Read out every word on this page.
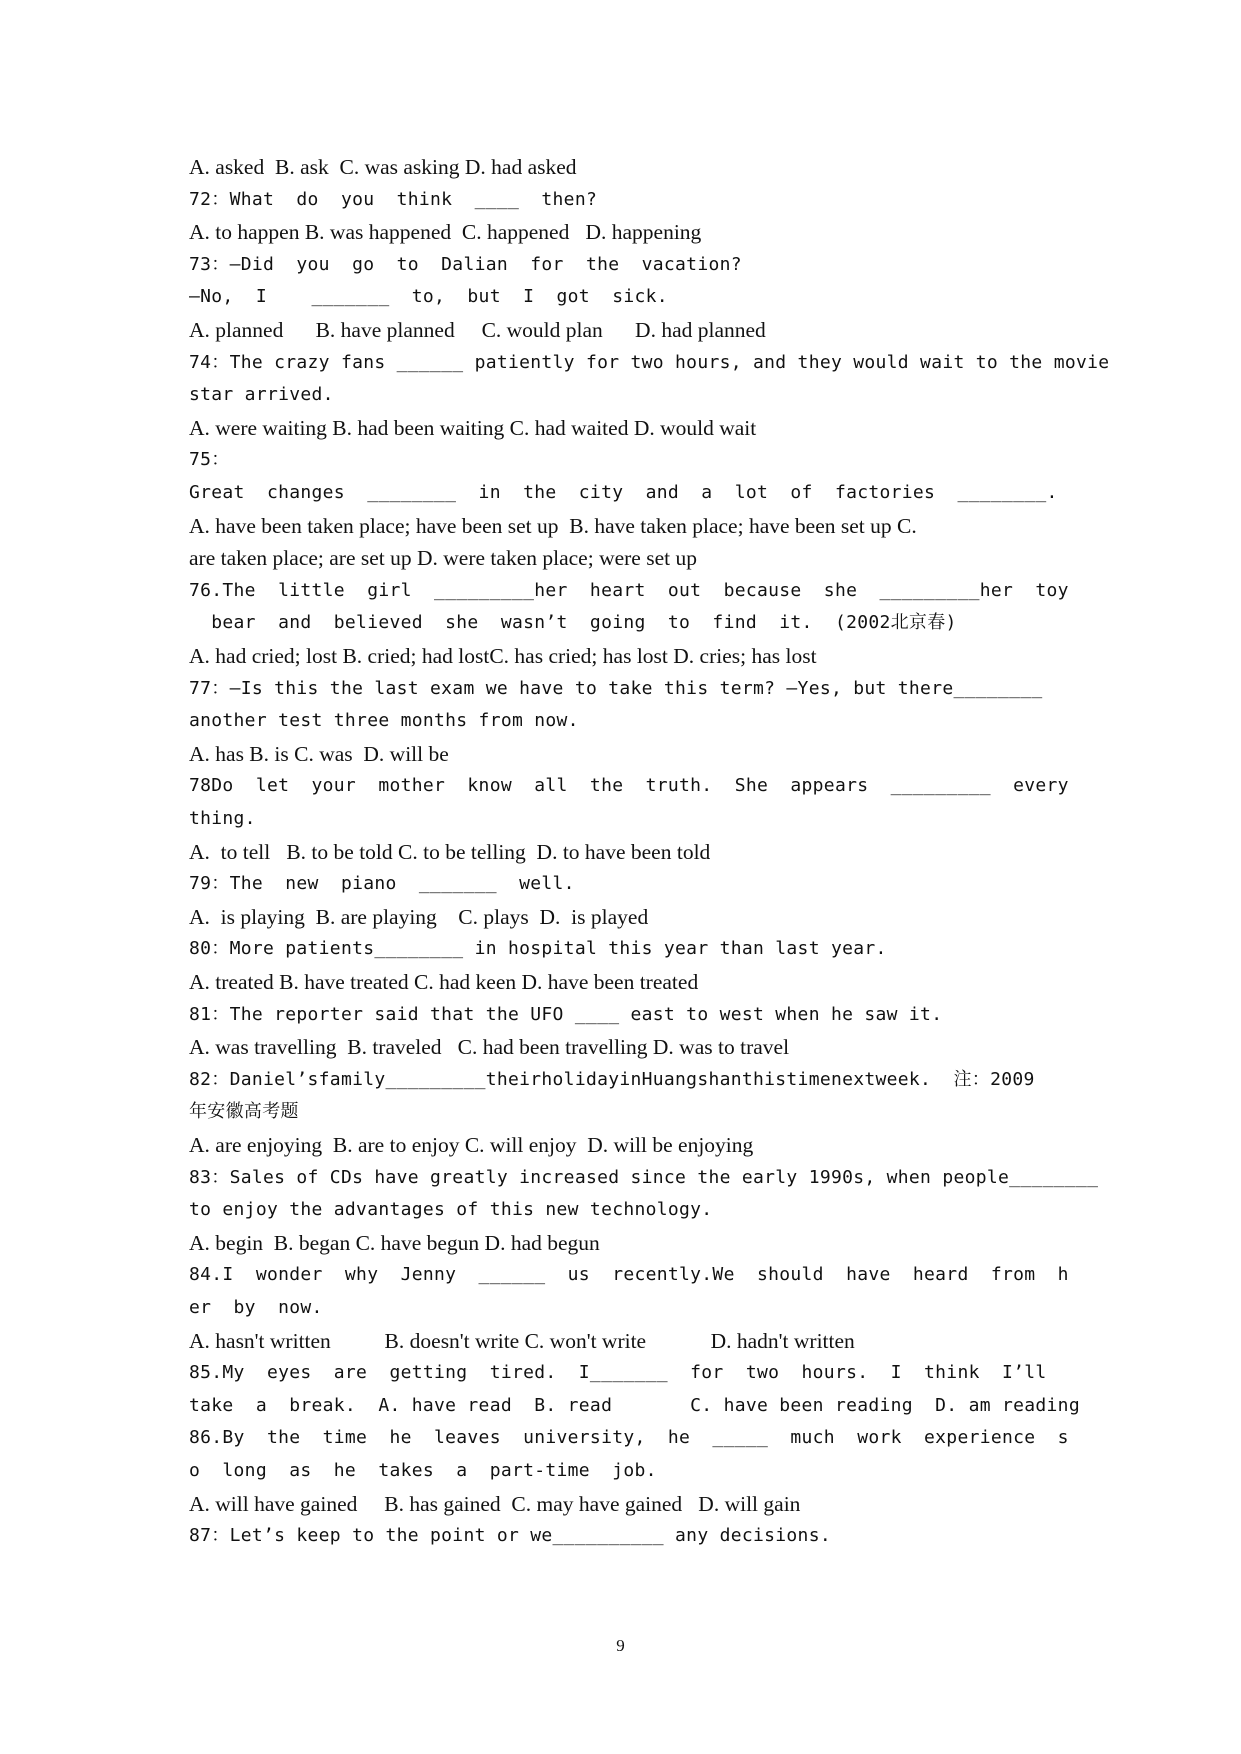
A. asked  B. ask  C. was asking D. had asked
72：What  do  you  think  ____  then?
A. to happen B. was happened  C. happened   D. happening
73：—Did  you  go  to  Dalian  for  the  vacation?
—No,  I    _______  to,  but  I  got  sick.
A. planned      B. have planned     C. would plan      D. had planned
74：The crazy fans ______ patiently for two hours, and they would wait to the movie
star arrived.
A. were waiting B. had been waiting C. had waited D. would wait
75：
Great  changes  ________  in  the  city  and  a  lot  of  factories  ________.
A. have been taken place; have been set up  B. have taken place; have been set up C.
are taken place; are set up D. were taken place; were set up
76.The  little  girl  _________her  heart  out  because  she  _________her  toy
bear  and  believed  she  wasn’t  going  to  find  it.  (2002北京春)
A. had cried; lost B. cried; had lostC. has cried; has lost D. cries; has lost
77：—Is this the last exam we have to take this term? —Yes, but there________
another test three months from now.
A. has B. is C. was  D. will be
78Do  let  your  mother  know  all  the  truth.  She  appears  _________  every
thing.
A.  to tell   B. to be told C. to be telling  D. to have been told
79：The  new  piano  _______  well.
A.  is playing  B. are playing    C. plays  D.  is played
80：More patients________ in hospital this year than last year.
A. treated B. have treated C. had keen D. have been treated
81：The reporter said that the UFO ____ east to west when he saw it.
A. was travelling  B. traveled   C. had been travelling D. was to travel
82：Daniel’sfamily_________theirholidayinHuangshanthistimenextweek.  注：2009
年安徽高考题
A. are enjoying  B. are to enjoy C. will enjoy  D. will be enjoying
83：Sales of CDs have greatly increased since the early 1990s, when people________
to enjoy the advantages of this new technology.
A. begin  B. began C. have begun D. had begun
84.I  wonder  why  Jenny  ______  us  recently.We  should  have  heard  from  h
er  by  now.
A. hasn't written          B. doesn't write C. won't write            D. hadn't written
85.My  eyes  are  getting  tired.  I_______  for  two  hours.  I  think  I’ll
take  a  break.  A. have read  B. read       C. have been reading  D. am reading
86.By  the  time  he  leaves  university,  he  _____  much  work  experience  s
o  long  as  he  takes  a  part-time  job.
A. will have gained     B. has gained  C. may have gained   D. will gain
87：Let’s keep to the point or we__________ any decisions.
9
